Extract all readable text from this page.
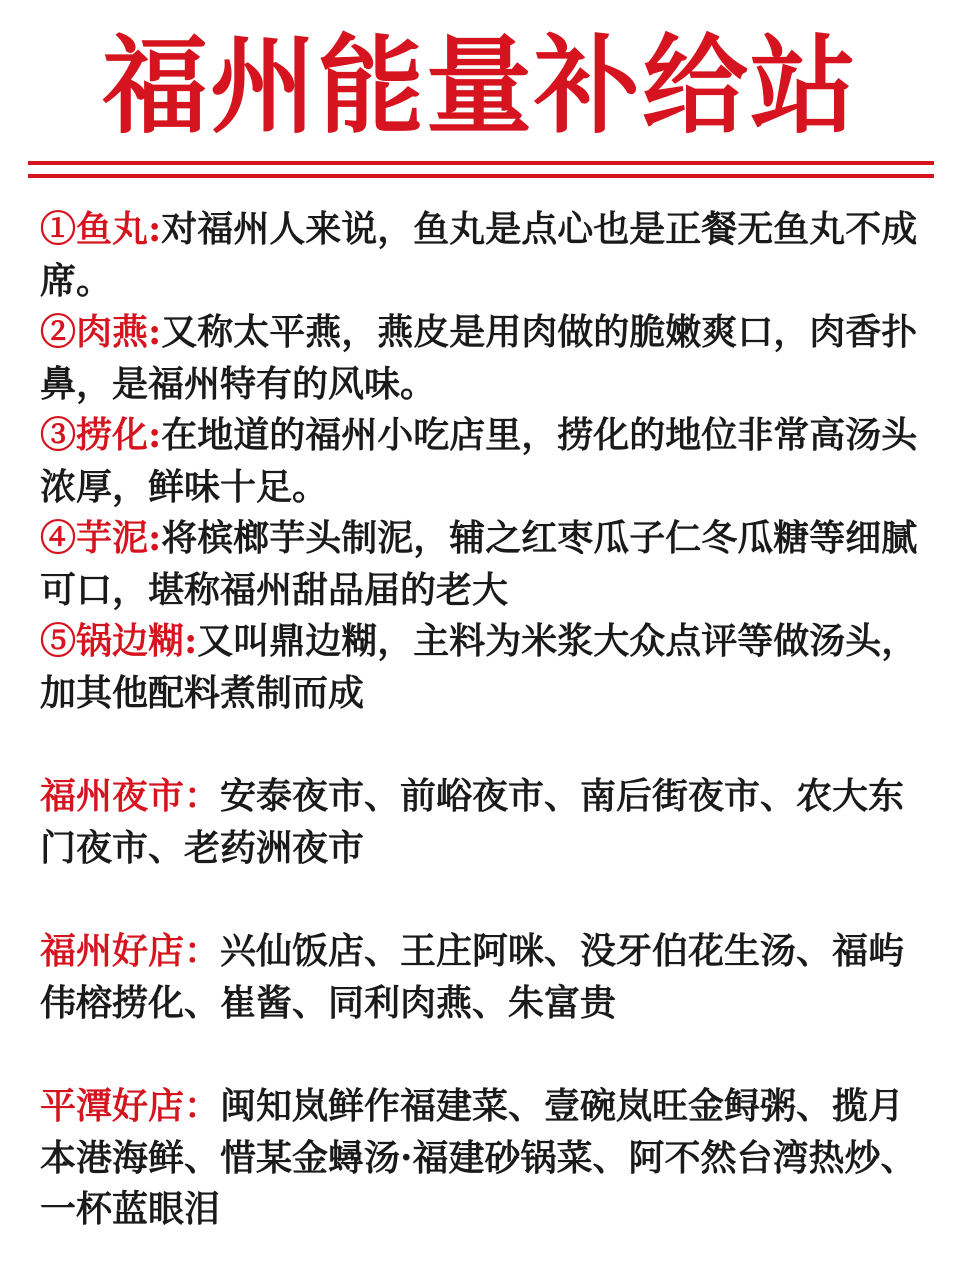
福州能量补给站

①鱼丸:对福州人来说，鱼丸是点心也是正餐无鱼丸不成席。

②肉燕:又称太平燕，燕皮是用肉做的脆嫩爽口，肉香扑鼻，是福州特有的风味。

③捞化:在地道的福州小吃店里，捞化的地位非常高汤头浓厚，鲜味十足。

④芋泥:将槟榔芋头制泥，辅之红枣瓜子仁冬瓜糖等细腻可口，堪称福州甜品届的老大

⑤锅边糊:又叫鼎边糊，主料为米浆大众点评等做汤头，加其他配料煮制而成

福州夜市：安泰夜市、前峪夜市、南后街夜市、农大东门夜市、老药洲夜市

福州好店：兴仙饭店、王庄阿咪、没牙伯花生汤、福屿伟榕捞化、崔酱、同利肉燕、朱富贵

平潭好店：闽知岚鲜作福建菜、壹碗岚旺金鲟粥、揽月本港海鲜、惜某金蟳汤·福建砂锅菜、阿不然台湾热炒、一杯蓝眼泪
